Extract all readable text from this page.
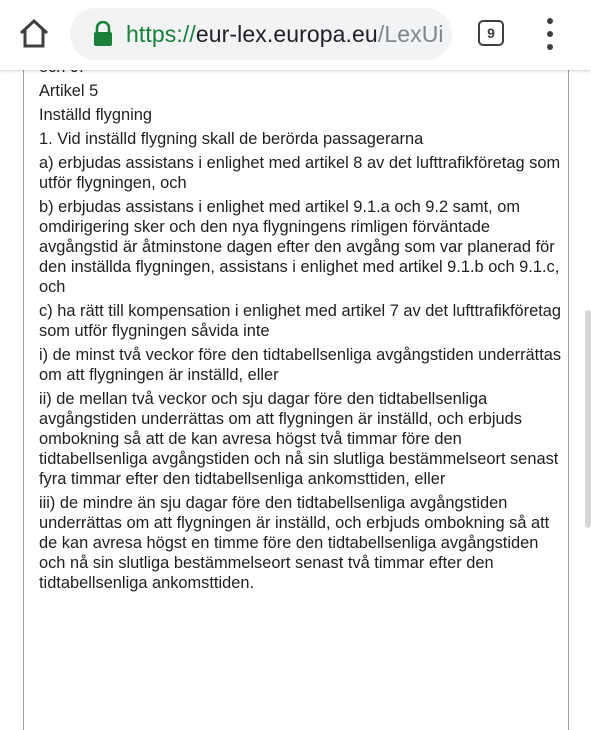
Artikel 5

Inställd flygning

1. Vid inställd flygning skall de berörda passagerarna

a) erbjudas assistans i enlighet med artikel 8 av det lufttrafikföretag som utför flygningen, och

b) erbjudas assistans i enlighet med artikel 9.1.a och 9.2 samt, om omdirigering sker och den nya flygningens rimligen förväntade avgångstid är åtminstone dagen efter den avgång som var planerad för den inställda flygningen, assistans i enlighet med artikel 9.1.b och 9.1.c, och

c) ha rätt till kompensation i enlighet med artikel 7 av det lufttrafikföretag som utför flygningen såvida inte

i) de minst två veckor före den tidtabellsenliga avgångstiden underrättas om att flygningen är inställd, eller

ii) de mellan två veckor och sju dagar före den tidtabellsenliga avgångstiden underrättas om att flygningen är inställd, och erbjuds ombokning så att de kan avresa högst två timmar före den tidtabellsenliga avgångstiden och nå sin slutliga bestämmelseort senast fyra timmar efter den tidtabellsenliga ankomsttiden, eller

iii) de mindre än sju dagar före den tidtabellsenliga avgångstiden underrättas om att flygningen är inställd, och erbjuds ombokning så att de kan avresa högst en timme före den tidtabellsenliga avgångstiden och nå sin slutliga bestämmelseort senast två timmar efter den tidtabellsenliga ankomsttiden.

https://eur-lex.europa.eu/LexUi	9
